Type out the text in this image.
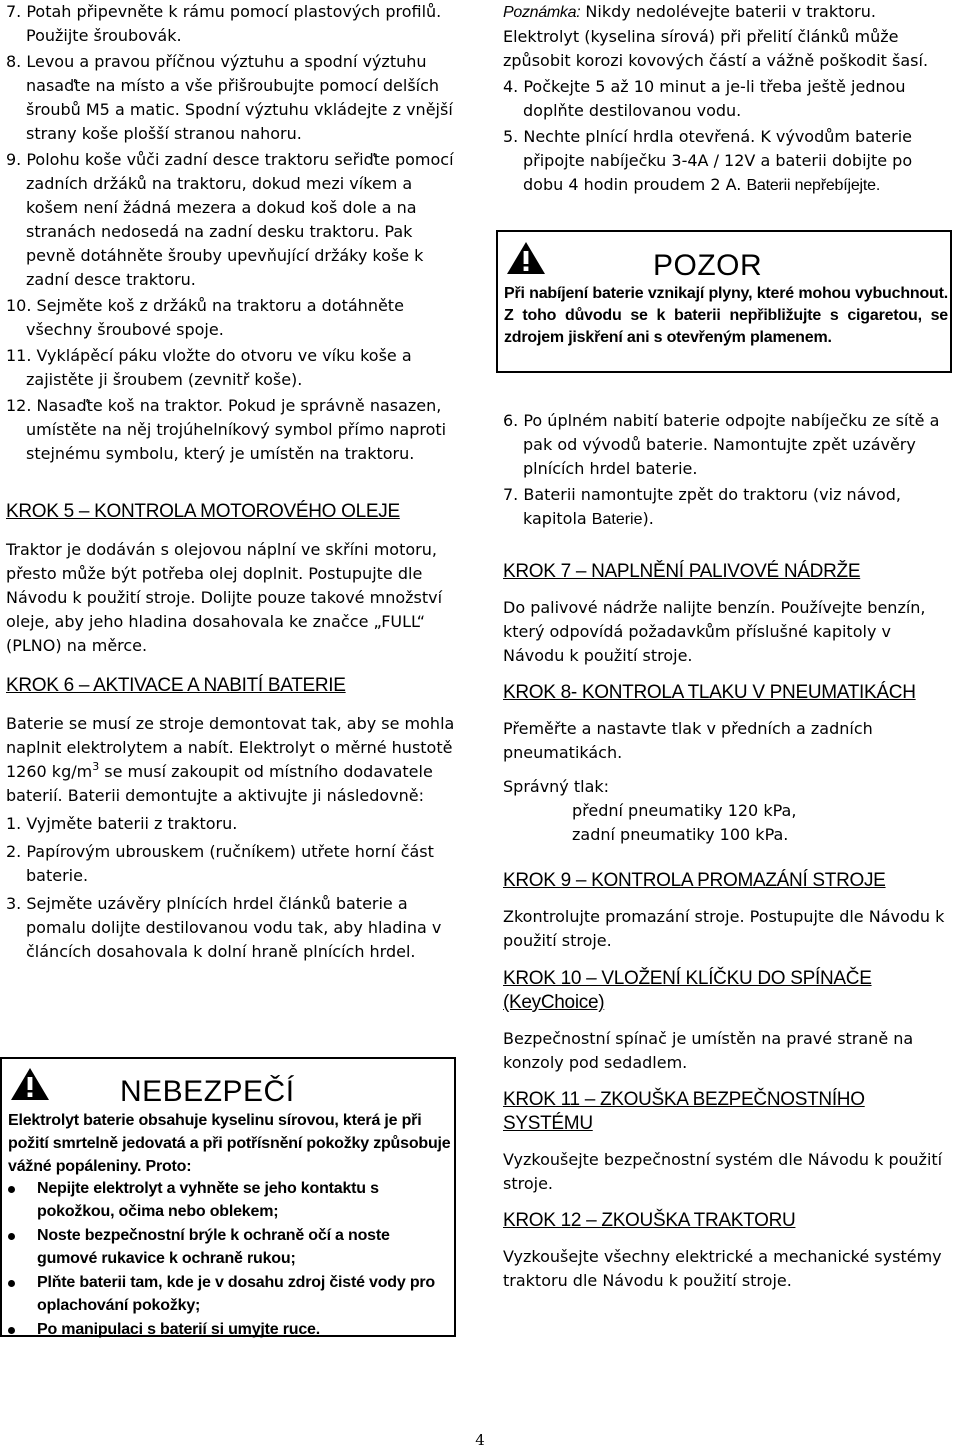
7. Potah připevněte k rámu pomocí plastových profilů. Použijte šroubovák.

8. Levou a pravou příčnou výztuhu a spodní výztuhu nasaďte na místo a vše přišroubujte pomocí delších šroubů M5 a matic. Spodní výztuhu vkládejte z vnější strany koše plošší stranou nahoru.

9. Polohu koše vůči zadní desce traktoru seřiďte pomocí zadních držáků na traktoru, dokud mezi víkem a košem není žádná mezera a dokud koš dole a na stranách nedosedá na zadní desku traktoru. Pak pevně dotáhněte šrouby upevňující držáky koše k zadní desce traktoru.

10. Sejměte koš z držáků na traktoru a dotáhněte všechny šroubové spoje.

11. Vyklápěcí páku vložte do otvoru ve víku koše a zajistěte ji šroubem (zevnitř koše).

12. Nasaďte koš na traktor. Pokud je správně nasazen, umístěte na něj trojúhelníkový symbol přímo naproti stejnému symbolu, který je umístěn na traktoru.

KROK 5 – KONTROLA MOTOROVÉHO OLEJE

Traktor je dodáván s olejovou náplní ve skříni motoru, přesto může být potřeba olej doplnit. Postupujte dle Návodu k použití stroje. Dolijte pouze takové množství oleje, aby jeho hladina dosahovala ke značce „FULL“ (PLNO) na měrce.

KROK 6 – AKTIVACE A NABITÍ BATERIE

Baterie se musí ze stroje demontovat tak, aby se mohla naplnit elektrolytem a nabít. Elektrolyt o měrné hustotě 1260 $kg/m^3$ se musí zakoupit od místního dodavatele baterií. Baterii demontujte a aktivujte ji následovně:

1. Vyjměte baterii z traktoru.

2. Papírovým ubrouskem (ručníkem) utřete horní část baterie.

3. Sejměte uzávěry plnících hrdel článků baterie a pomalu dolijte destilovanou vodu tak, aby hladina v článcích dosahovala k dolní hraně plnících hrdel.

NEBEZPEČÍ
Elektrolyt baterie obsahuje kyselinu sírovou, která je při požití smrtelně jedovatá a při potřísnění pokožky způsobuje vážné popáleniny. Proto:
Nepijte elektrolyt a vyhněte se jeho kontaktu s pokožkou, očima nebo oblekem;
Noste bezpečnostní brýle k ochraně očí a noste gumové rukavice k ochraně rukou;
Plňte baterii tam, kde je v dosahu zdroj čisté vody pro oplachování pokožky;
Po manipulaci s baterií si umyjte ruce.

Poznámka: Nikdy nedolévejte baterii v traktoru. Elektrolyt (kyselina sírová) při přelití článků může způsobit korozi kovových částí a vážně poškodit šasí.

4. Počkejte 5 až 10 minut a je-li třeba ještě jednou doplňte destilovanou vodu.

5. Nechte plnící hrdla otevřená. K vývodům baterie připojte nabíječku 3-4A / 12V a baterii dobijte po dobu 4 hodin proudem 2 A. Baterii nepřebíjejte.

POZOR
Při nabíjení baterie vznikají plyny, které mohou vybuchnout. Z toho důvodu se k baterii nepřibližujte s cigaretou, se zdrojem jiskření ani s otevřeným plamenem.

6. Po úplném nabití baterie odpojte nabíječku ze sítě a pak od vývodů baterie. Namontujte zpět uzávěry plnících hrdel baterie.

7. Baterii namontujte zpět do traktoru (viz návod, kapitola Baterie).

KROK 7 – NAPLNĚNÍ PALIVOVÉ NÁDRŽE

Do palivové nádrže nalijte benzín. Používejte benzín, který odpovídá požadavkům příslušné kapitoly v Návodu k použití stroje.

KROK 8- KONTROLA TLAKU V PNEUMATIKÁCH

Přeměřte a nastavte tlak v předních a zadních pneumatikách.

Správný tlak:

přední pneumatiky 120 kPa,

zadní pneumatiky 100 kPa.

KROK 9 – KONTROLA PROMAZÁNÍ STROJE

Zkontrolujte promazání stroje. Postupujte dle Návodu k použití stroje.

KROK 10 – VLOŽENÍ KLÍČKU DO SPÍNAČE (KeyChoice)

Bezpečnostní spínač je umístěn na pravé straně na konzoly pod sedadlem.

KROK 11 – ZKOUŠKA BEZPEČNOSTNÍHO SYSTÉMU

Vyzkoušejte bezpečnostní systém dle Návodu k použití stroje.

KROK 12 – ZKOUŠKA TRAKTORU

Vyzkoušejte všechny elektrické a mechanické systémy traktoru dle Návodu k použití stroje.

4
